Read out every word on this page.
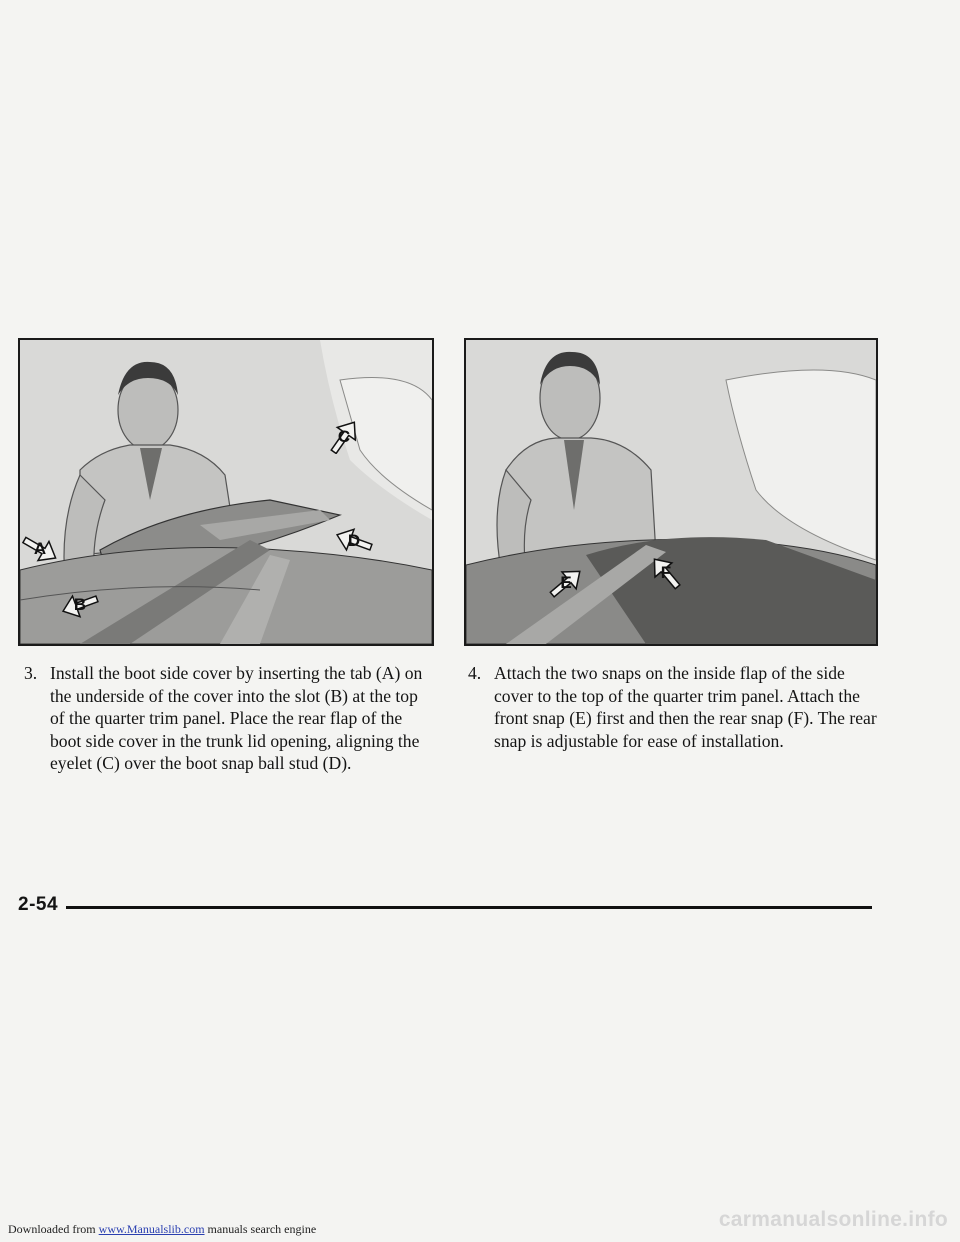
C
A	D
B
E
F
3. Install the boot side cover by inserting the tab (A) on the underside of the cover into the slot (B) at the top of the quarter trim panel. Place the rear flap of the boot side cover in the trunk lid opening, aligning the eyelet (C) over the boot snap ball stud (D).

4. Attach the two snaps on the inside flap of the side cover to the top of the quarter trim panel. Attach the front snap (E) first and then the rear snap (F). The rear snap is adjustable for ease of installation.

2-54
Downloaded from www.Manualslib.com manuals search engine	carmanualsonline.info
